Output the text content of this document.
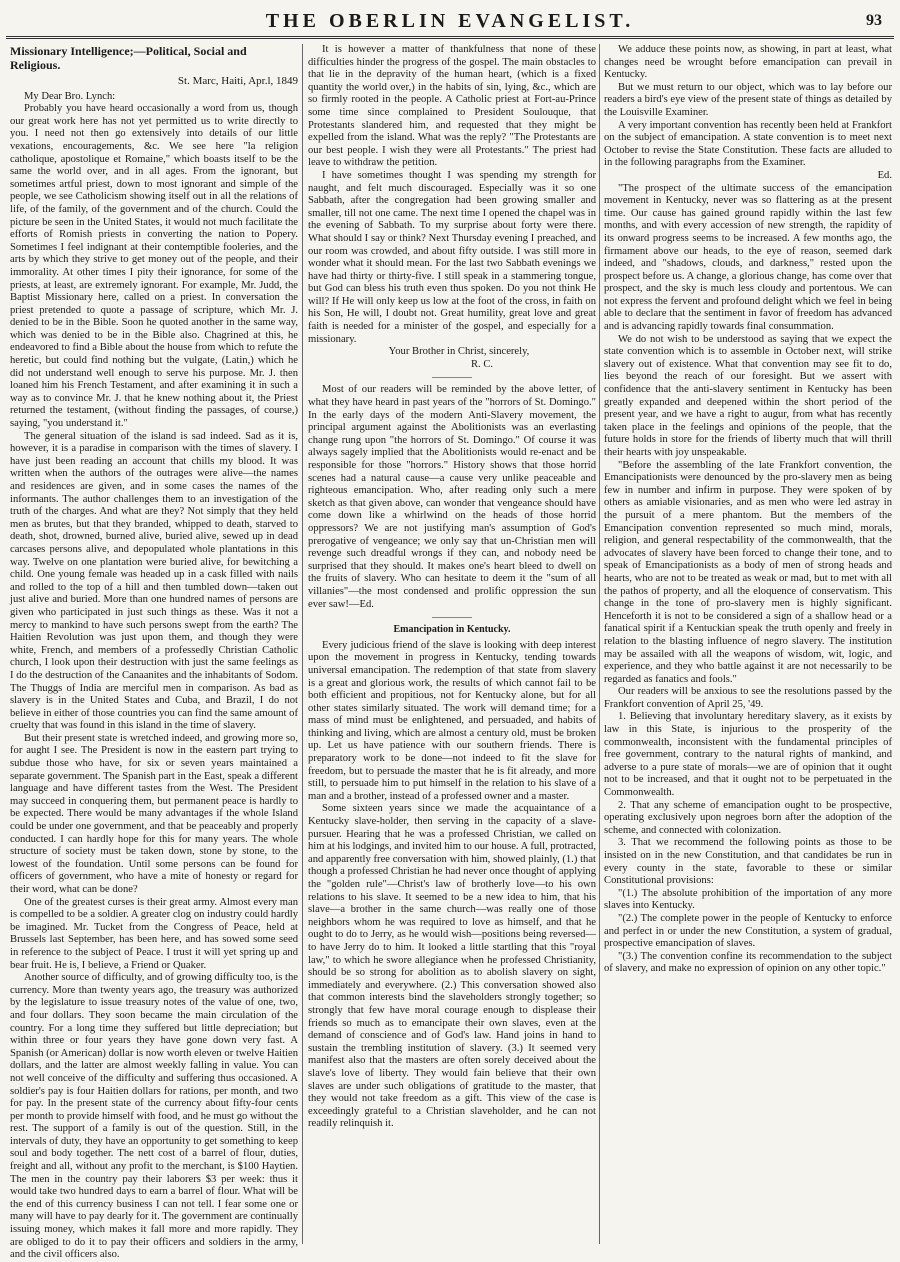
THE OBERLIN EVANGELIST.	93
Missionary Intelligence;—Political, Social and Religious.
St. Marc, Haiti, Apr.l, 1849

My Dear Bro. Lynch:

Probably you have heard occasionally a word from us, though our great work here has not yet permitted us to write directly to you. I need not then go extensively into details of our little vexations, encouragements, &c. We see here "la religion catholique, apostolique et Romaine," which boasts itself to be the same the world over, and in all ages. From the ignorant, but sometimes artful priest, down to most ignorant and simple of the people, we see Catholicism showing itself out in all the relations of life, of the family, of the government and of the church. Could the picture be seen in the United States, it would not much facilitate the efforts of Romish priests in converting the nation to Popery. Sometimes I feel indignant at their contemptible fooleries, and the arts by which they strive to get money out of the people, and their immorality. At other times I pity their ignorance, for some of the priests, at least, are extremely ignorant. For example, Mr. Judd, the Baptist Missionary here, called on a priest. In conversation the priest pretended to quote a passage of scripture, which Mr. J. denied to be in the Bible. Soon he quoted another in the same way, which was denied to be in the Bible also. Chagrined at this, he endeavored to find a Bible about the house from which to refute the heretic, but could find nothing but the vulgate, (Latin,) which he did not understand well enough to serve his purpose. Mr. J. then loaned him his French Testament, and after examining it in such a way as to convince Mr. J. that he knew nothing about it, the Priest returned the testament, (without finding the passages, of course,) saying, "you understand it."

The general situation of the island is sad indeed. Sad as it is, however, it is a paradise in comparison with the times of slavery. I have just been reading an account that chills my blood. It was written when the authors of the outrages were alive—the names and residences are given, and in some cases the names of the informants. The author challenges them to an investigation of the truth of the charges. And what are they? Not simply that they held men as brutes, but that they branded, whipped to death, starved to death, shot, drowned, burned alive, buried alive, sewed up in dead carcases persons alive, and depopulated whole plantations in this way. Twelve on one plantation were buried alive, for bewitching a child. One young female was headed up in a cask filled with nails and rolled to the top of a hill and then tumbled down—taken out just alive and buried. More than one hundred names of persons are given who participated in just such things as these. Was it not a mercy to mankind to have such persons swept from the earth? The Haitien Revolution was just upon them, and though they were white, French, and members of a professedly Christian Catholic church, I look upon their destruction with just the same feelings as I do the destruction of the Canaanites and the inhabitants of Sodom. The Thuggs of India are merciful men in comparison. As bad as slavery is in the United States and Cuba, and Brazil, I do not believe in either of those countries you can find the same amount of cruelty that was found in this island in the time of slavery.

But their present state is wretched indeed, and growing more so, for aught I see. The President is now in the eastern part trying to subdue those who have, for six or seven years maintained a separate government. The Spanish part in the East, speak a different language and have different tastes from the West. The President may succeed in conquering them, but permanent peace is hardly to be expected. There would be many advantages if the whole Island could be under one government, and that be peaceably and properly conducted. I can hardly hope for this for many years. The whole structure of society must be taken down, stone by stone, to the lowest of the foundation. Until some persons can be found for officers of government, who have a mite of honesty or regard for their word, what can be done?

One of the greatest curses is their great army. Almost every man is compelled to be a soldier. A greater clog on industry could hardly be imagined. Mr. Tucket from the Congress of Peace, held at Brussels last September, has been here, and has sowed some seed in reference to the subject of Peace. I trust it will yet spring up and bear fruit. He is, I believe, a Friend or Quaker.

Another source of difficulty, and of growing difficulty too, is the currency. More than twenty years ago, the treasury was authorized by the legislature to issue treasury notes of the value of one, two, and four dollars. They soon became the main circulation of the country. For a long time they suffered but little depreciation; but within three or four years they have gone down very fast. A Spanish (or American) dollar is now worth eleven or twelve Haitien dollars, and the latter are almost weekly falling in value. You can not well conceive of the difficulty and suffering thus occasioned. A soldier's pay is four Haitien dollars for rations, per month, and two for pay. In the present state of the currency about fifty-four cents per month to provide himself with food, and he must go without the rest. The support of a family is out of the question. Still, in the intervals of duty, they have an opportunity to get something to keep soul and body together. The nett cost of a barrel of flour, duties, freight and all, without any profit to the merchant, is $100 Haytien. The men in the country pay their laborers $3 per week: thus it would take two hundred days to earn a barrel of flour. What will be the end of this currency business I can not tell. I fear some one or many will have to pay dearly for it. The government are continually issuing money, which makes it fall more and more rapidly. They are obliged to do it to pay their officers and soldiers in the army, and the civil officers also.

It is however a matter of thankfulness that none of these difficulties hinder the progress of the gospel. The main obstacles to that lie in the depravity of the human heart, (which is a fixed quantity the world over,) in the habits of sin, lying, &c., which are so firmly rooted in the people. A Catholic priest at Fort-au-Prince some time since complained to President Soulouque, that Protestants slandered him, and requested that they might be expelled from the island. What was the reply? "The Protestants are our best people. I wish they were all Protestants." The priest had leave to withdraw the petition.

I have sometimes thought I was spending my strength for naught, and felt much discouraged. Especially was it so one Sabbath, after the congregation had been growing smaller and smaller, till not one came. The next time I opened the chapel was in the evening of Sabbath. To my surprise about forty were there. What should I say or think? Next Thursday evening I preached, and our room was crowded, and about fifty outside. I was still more in wonder what it should mean. For the last two Sabbath evenings we have had thirty or thirty-five. I still speak in a stammering tongue, but God can bless his truth even thus spoken. Do you not think He will? If He will only keep us low at the foot of the cross, in faith on his Son, He will, I doubt not. Great humility, great love and great faith is needed for a minister of the gospel, and especially for a missionary.

Your Brother in Christ, sincerely,

R. C.

Most of our readers will be reminded by the above letter, of what they have heard in past years of the "horrors of St. Domingo." In the early days of the modern Anti-Slavery movement, the principal argument against the Abolitionists was an everlasting change rung upon "the horrors of St. Domingo." Of course it was always sagely implied that the Abolitionists would re-enact and be responsible for those "horrors." History shows that those horrid scenes had a natural cause—a cause very unlike peaceable and righteous emancipation. Who, after reading only such a mere sketch as that given above, can wonder that vengeance should have come down like a whirlwind on the heads of those horrid oppressors? We are not justifying man's assumption of God's prerogative of vengeance; we only say that un-Christian men will revenge such dreadful wrongs if they can, and nobody need be surprised that they should. It makes one's heart bleed to dwell on the fruits of slavery. Who can hesitate to deem it the "sum of all villanies"—the most condensed and prolific oppression the sun ever saw!—Ed.

Emancipation in Kentucky.

Every judicious friend of the slave is looking with deep interest upon the movement in progress in Kentucky, tending towards universal emancipation. The redemption of that state from slavery is a great and glorious work, the results of which cannot fail to be both efficient and propitious, not for Kentucky alone, but for all other states similarly situated. The work will demand time; for a mass of mind must be enlightened, and persuaded, and habits of thinking and living, which are almost a century old, must be broken up. Let us have patience with our southern friends. There is preparatory work to be done—not indeed to fit the slave for freedom, but to persuade the master that he is fit already, and more still, to persuade him to put himself in the relation to his slave of a man and a brother, instead of a professed owner and a master.

Some sixteen years since we made the acquaintance of a Kentucky slave-holder, then serving in the capacity of a slave-pursuer. Hearing that he was a professed Christian, we called on him at his lodgings, and invited him to our house. A full, protracted, and apparently free conversation with him, showed plainly, (1.) that though a professed Christian he had never once thought of applying the "golden rule"—Christ's law of brotherly love—to his own relations to his slave. It seemed to be a new idea to him, that his slave—a brother in the same church—was really one of those neighbors whom he was required to love as himself, and that he ought to do to Jerry, as he would wish—positions being reversed—to have Jerry do to him. It looked a little startling that this "royal law," to which he swore allegiance when he professed Christianity, should be so strong for abolition as to abolish slavery on sight, immediately and everywhere. (2.) This conversation showed also that common interests bind the slaveholders strongly together; so strongly that few have moral courage enough to displease their friends so much as to emancipate their own slaves, even at the demand of conscience and of God's law. Hand joins in hand to sustain the trembling institution of slavery. (3.) It seemed very manifest also that the masters are often sorely deceived about the slave's love of liberty. They would fain believe that their own slaves are under such obligations of gratitude to the master, that they would not take freedom as a gift. This view of the case is exceedingly grateful to a Christian slaveholder, and he can not readily relinquish it.

We adduce these points now, as showing, in part at least, what changes need be wrought before emancipation can prevail in Kentucky.

But we must return to our object, which was to lay before our readers a bird's eye view of the present state of things as detailed by the Louisville Examiner.

A very important convention has recently been held at Frankfort on the subject of emancipation. A state convention is to meet next October to revise the State Constitution. These facts are alluded to in the following paragraphs from the Examiner.

Ed.

"The prospect of the ultimate success of the emancipation movement in Kentucky, never was so flattering as at the present time. Our cause has gained ground rapidly within the last few months, and with every accession of new strength, the rapidity of its onward progress seems to be increased. A few months ago, the firmament above our heads, to the eye of reason, seemed dark indeed, and "shadows, clouds, and darkness," rested upon the prospect before us. A change, a glorious change, has come over that prospect, and the sky is much less cloudy and portentous. We can not express the fervent and profound delight which we feel in being able to declare that the sentiment in favor of freedom has advanced and is advancing rapidly towards final consummation.

We do not wish to be understood as saying that we expect the state convention which is to assemble in October next, will strike slavery out of existence. What that convention may see fit to do, lies beyond the reach of our foresight. But we assert with confidence that the anti-slavery sentiment in Kentucky has been greatly expanded and deepened within the short period of the present year, and we have a right to augur, from what has recently taken place in the feelings and opinions of the people, that the future holds in store for the friends of liberty much that will thrill their hearts with joy unspeakable.

"Before the assembling of the late Frankfort convention, the Emancipationists were denounced by the pro-slavery men as being few in number and infirm in purpose. They were spoken of by others as amiable visionaries, and as men who were led astray in the pursuit of a mere phantom. But the members of the Emancipation convention represented so much mind, morals, religion, and general respectability of the commonwealth, that the advocates of slavery have been forced to change their tone, and to speak of Emancipationists as a body of men of strong heads and hearts, who are not to be treated as weak or mad, but to met with all the pathos of property, and all the eloquence of conservatism. This change in the tone of pro-slavery men is highly significant. Henceforth it is not to be considered a sign of a shallow head or a fanatical spirit if a Kentuckian speak the truth openly and freely in relation to the blasting influence of negro slavery. The institution may be assailed with all the weapons of wisdom, wit, logic, and experience, and they who battle against it are not necessarily to be regarded as fanatics and fools."

Our readers will be anxious to see the resolutions passed by the Frankfort convention of April 25, '49.

1. Believing that involuntary hereditary slavery, as it exists by law in this State, is injurious to the prosperity of the commonwealth, inconsistent with the fundamental principles of free government, contrary to the natural rights of mankind, and adverse to a pure state of morals—we are of opinion that it ought not to be increased, and that it ought not to be perpetuated in the Commonwealth.

2. That any scheme of emancipation ought to be prospective, operating exclusively upon negroes born after the adoption of the scheme, and connected with colonization.

3. That we recommend the following points as those to be insisted on in the new Constitution, and that candidates be run in every county in the state, favorable to these or similar Constitutional provisions:

"(1.) The absolute prohibition of the importation of any more slaves into Kentucky.

"(2.) The complete power in the people of Kentucky to enforce and perfect in or under the new Constitution, a system of gradual, prospective emancipation of slaves.

"(3.) The convention confine its recommendation to the subject of slavery, and make no expression of opinion on any other topic."
